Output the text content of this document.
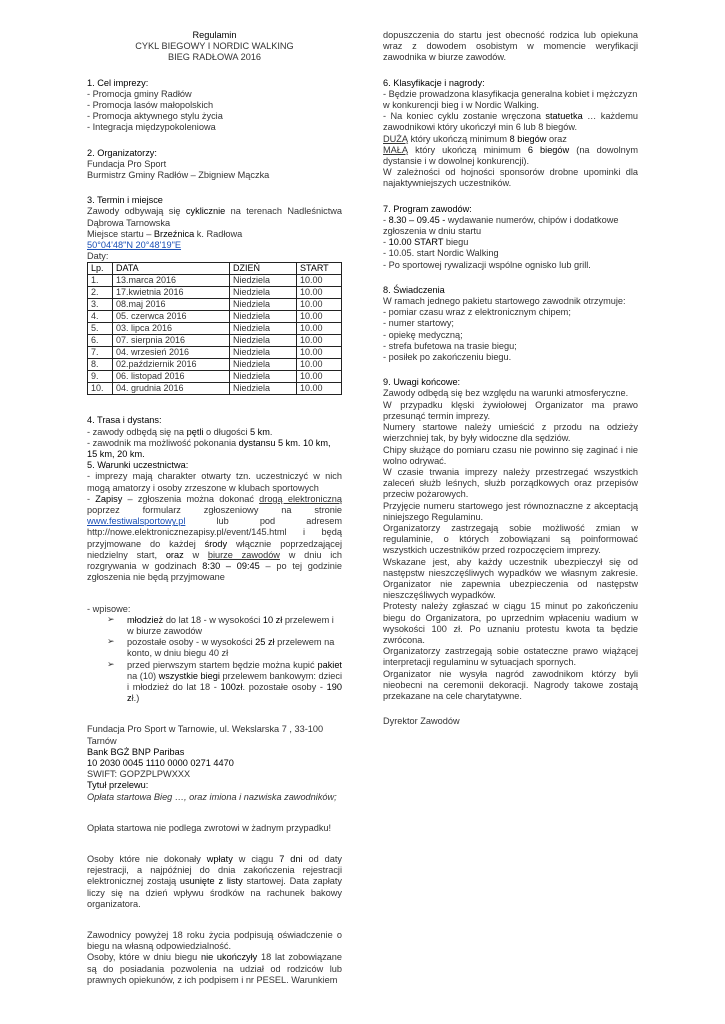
Regulamin
CYKL BIEGOWY I NORDIC WALKING
BIEG RADŁOWA 2016
1. Cel imprezy:
- Promocja gminy Radłów
- Promocja lasów małopolskich
- Promocja aktywnego stylu życia
- Integracja międzypokoleniowa
2. Organizatorzy:
Fundacja Pro Sport
Burmistrz Gminy Radłów – Zbigniew Mączka
3. Termin i miejsce

Zawody odbywają się cyklicznie na terenach Nadleśnictwa Dąbrowa Tarnowska

Miejsce startu – Brzeźnica k. Radłowa

50°04'48"N 20°48'19"E
Daty:
Lp.	DATA	DZIEŃ	START
1.	13.marca 2016	Niedziela	10.00
2.	17.kwietnia 2016	Niedziela	10.00
3.	08.maj 2016	Niedziela	10.00
4.	05. czerwca 2016	Niedziela	10.00
5.	03. lipca 2016	Niedziela	10.00
6.	07. sierpnia 2016	Niedziela	10.00
7.	04. wrzesień 2016	Niedziela	10.00
8.	02.październik 2016	Niedziela	10.00
9.	06. listopad 2016	Niedziela	10.00
10.	04. grudnia 2016	Niedziela	10.00
4. Trasa i dystans:

- zawody odbędą się na pętli o długości 5 km.

- zawodnik ma możliwość pokonania dystansu 5 km. 10 km, 15 km, 20 km.

5. Warunki uczestnictwa:

- imprezy mają charakter otwarty tzn. uczestniczyć w nich mogą amatorzy i osoby zrzeszone w klubach sportowych

- Zapisy – zgłoszenia można dokonać drogą elektroniczną poprzez formularz zgłoszeniowy na stronie www.festiwalsportowy.pl lub pod adresem http://nowe.elektronicznezapisy.pl/event/145.html i będą przyjmowane do każdej środy włącznie poprzedzającej niedzielny start, oraz w biurze zawodów w dniu ich rozgrywania w godzinach 8:30 – 09:45 – po tej godzinie zgłoszenia nie będą przyjmowane

- wpisowe:
➢ młodzież do lat 18 - w wysokości 10 zł przelewem i w biurze zawodów
➢ pozostałe osoby - w wysokości 25 zł przelewem na konto, w dniu biegu 40 zł
➢ przed pierwszym startem będzie można kupić pakiet na (10) wszystkie biegi przelewem bankowym: dzieci i młodzież do lat 18 - 100zł. pozostałe osoby - 190 zł.)

Fundacja Pro Sport w Tarnowie, ul. Wekslarska 7 , 33-100 Tarnów

Bank BGŻ BNP Paribas
10 2030 0045 1110 0000 0271 4470
SWIFT: GOPZPLPWXXX
Tytuł przelewu:
Opłata startowa Bieg …, oraz imiona i nazwiska zawodników;

Opłata startowa nie podlega zwrotowi w żadnym przypadku!

Osoby które nie dokonały wpłaty w ciągu 7 dni od daty rejestracji, a najpóźniej do dnia zakończenia rejestracji elektronicznej zostają usunięte z listy startowej. Data zapłaty liczy się na dzień wpływu środków na rachunek bakowy organizatora.

Zawodnicy powyżej 18 roku życia podpisują oświadczenie o biegu na własną odpowiedzialność.

Osoby, które w dniu biegu nie ukończyły 18 lat zobowiązane są do posiadania pozwolenia na udział od rodziców lub prawnych opiekunów, z ich podpisem i nr PESEL. Warunkiem

dopuszczenia do startu jest obecność rodzica lub opiekuna wraz z dowodem osobistym w momencie weryfikacji zawodnika w biurze zawodów.

6. Klasyfikacje i nagrody:

- Będzie prowadzona klasyfikacja generalna kobiet i mężczyzn w konkurencji bieg i w Nordic Walking.

- Na koniec cyklu zostanie wręczona statuetka … każdemu zawodnikowi który ukończył min 6 lub 8 biegów.

DUŻĄ który ukończą minimum 8 biegów oraz

MAŁĄ który ukończą minimum 6 biegów (na dowolnym dystansie i w dowolnej konkurencji).

W zależności od hojności sponsorów drobne upominki dla najaktywniejszych uczestników.

7. Program zawodów:

- 8.30 – 09.45 - wydawanie numerów, chipów i dodatkowe zgłoszenia w dniu startu

- 10.00 START biegu

- 10.05. start Nordic Walking

- Po sportowej rywalizacji wspólne ognisko lub grill.

8. Świadczenia

W ramach jednego pakietu startowego zawodnik otrzymuje:

- pomiar czasu wraz z elektronicznym chipem;
- numer startowy;
- opiekę medyczną;
- strefa bufetowa na trasie biegu;
- posiłek po zakończeniu biegu.
9. Uwagi końcowe:

Zawody odbędą się bez względu na warunki atmosferyczne.

W przypadku klęski żywiołowej Organizator ma prawo przesunąć termin imprezy.

Numery startowe należy umieścić z przodu na odzieży wierzchniej tak, by były widoczne dla sędziów.

Chipy służące do pomiaru czasu nie powinno się zaginać i nie wolno odrywać.

W czasie trwania imprezy należy przestrzegać wszystkich zaleceń służb leśnych, służb porządkowych oraz przepisów przeciw pożarowych.

Przyjęcie numeru startowego jest równoznaczne z akceptacją niniejszego Regulaminu.

Organizatorzy zastrzegają sobie możliwość zmian w regulaminie, o których zobowiązani są poinformować wszystkich uczestników przed rozpoczęciem imprezy.

Wskazane jest, aby każdy uczestnik ubezpieczył się od następstw nieszczęśliwych wypadków we własnym zakresie. Organizator nie zapewnia ubezpieczenia od następstw nieszczęśliwych wypadków.

Protesty należy zgłaszać w ciągu 15 minut po zakończeniu biegu do Organizatora, po uprzednim wpłaceniu wadium w wysokości 100 zł. Po uznaniu protestu kwota ta będzie zwrócona.

Organizatorzy zastrzegają sobie ostateczne prawo wiążącej interpretacji regulaminu w sytuacjach spornych.

Organizator nie wysyła nagród zawodnikom którzy byli nieobecni na ceremonii dekoracji. Nagrody takowe zostają przekazane na cele charytatywne.

Dyrektor Zawodów
